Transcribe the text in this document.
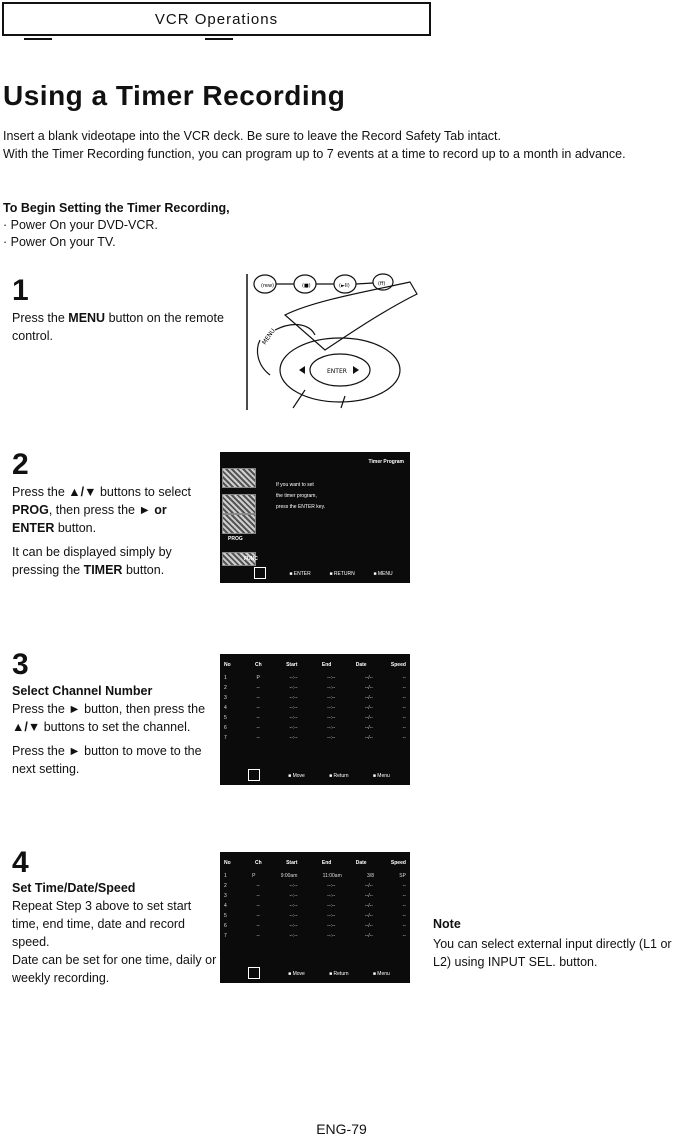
VCR Operations
Using a Timer Recording

Insert a blank videotape into the VCR deck. Be sure to leave the Record Safety Tab intact.

With the Timer Recording function, you can program up to 7 events at a time to record up to a month in advance.

To Begin Setting the Timer Recording,
· Power On your DVD-VCR.
· Power On your TV.
1

Press the MENU button on the remote control.

(rew)	(■)	(►II)	(ff)
MENU
ENTER
2

Press the ▲/▼ buttons to select PROG, then press the ► or ENTER button.

It can be displayed simply by pressing the TIMER button.

Timer Program
PROG
FUNC
If you want to set
the timer program,
press the ENTER key.
■ ENTER	■ RETURN	■ MENU
3

Select Channel Number
Press the ► button, then press the ▲/▼ buttons to set the channel.

Press the ► button to move to the next setting.

No	Ch	Start	End	Date	Speed
1	P	--:--	--:--	--/--	--
2	--	--:--	--:--	--/--	--
3	--	--:--	--:--	--/--	--
4	--	--:--	--:--	--/--	--
5	--	--:--	--:--	--/--	--
6	--	--:--	--:--	--/--	--
7	--	--:--	--:--	--/--	--
■ Move	■ Return	■ Menu
4

Set Time/Date/Speed

Repeat Step 3 above to set start time, end time, date and record speed.

Date can be set for one time, daily or weekly recording.

No	Ch	Start	End	Date	Speed
1	P	9:00am	11:00am	3/8	SP
2	--	--:--	--:--	--/--	--
3	--	--:--	--:--	--/--	--
4	--	--:--	--:--	--/--	--
5	--	--:--	--:--	--/--	--
6	--	--:--	--:--	--/--	--
7	--	--:--	--:--	--/--	--
■ Move	■ Return	■ Menu
Note
You can select external input directly (L1 or L2) using INPUT SEL. button.
ENG-79
